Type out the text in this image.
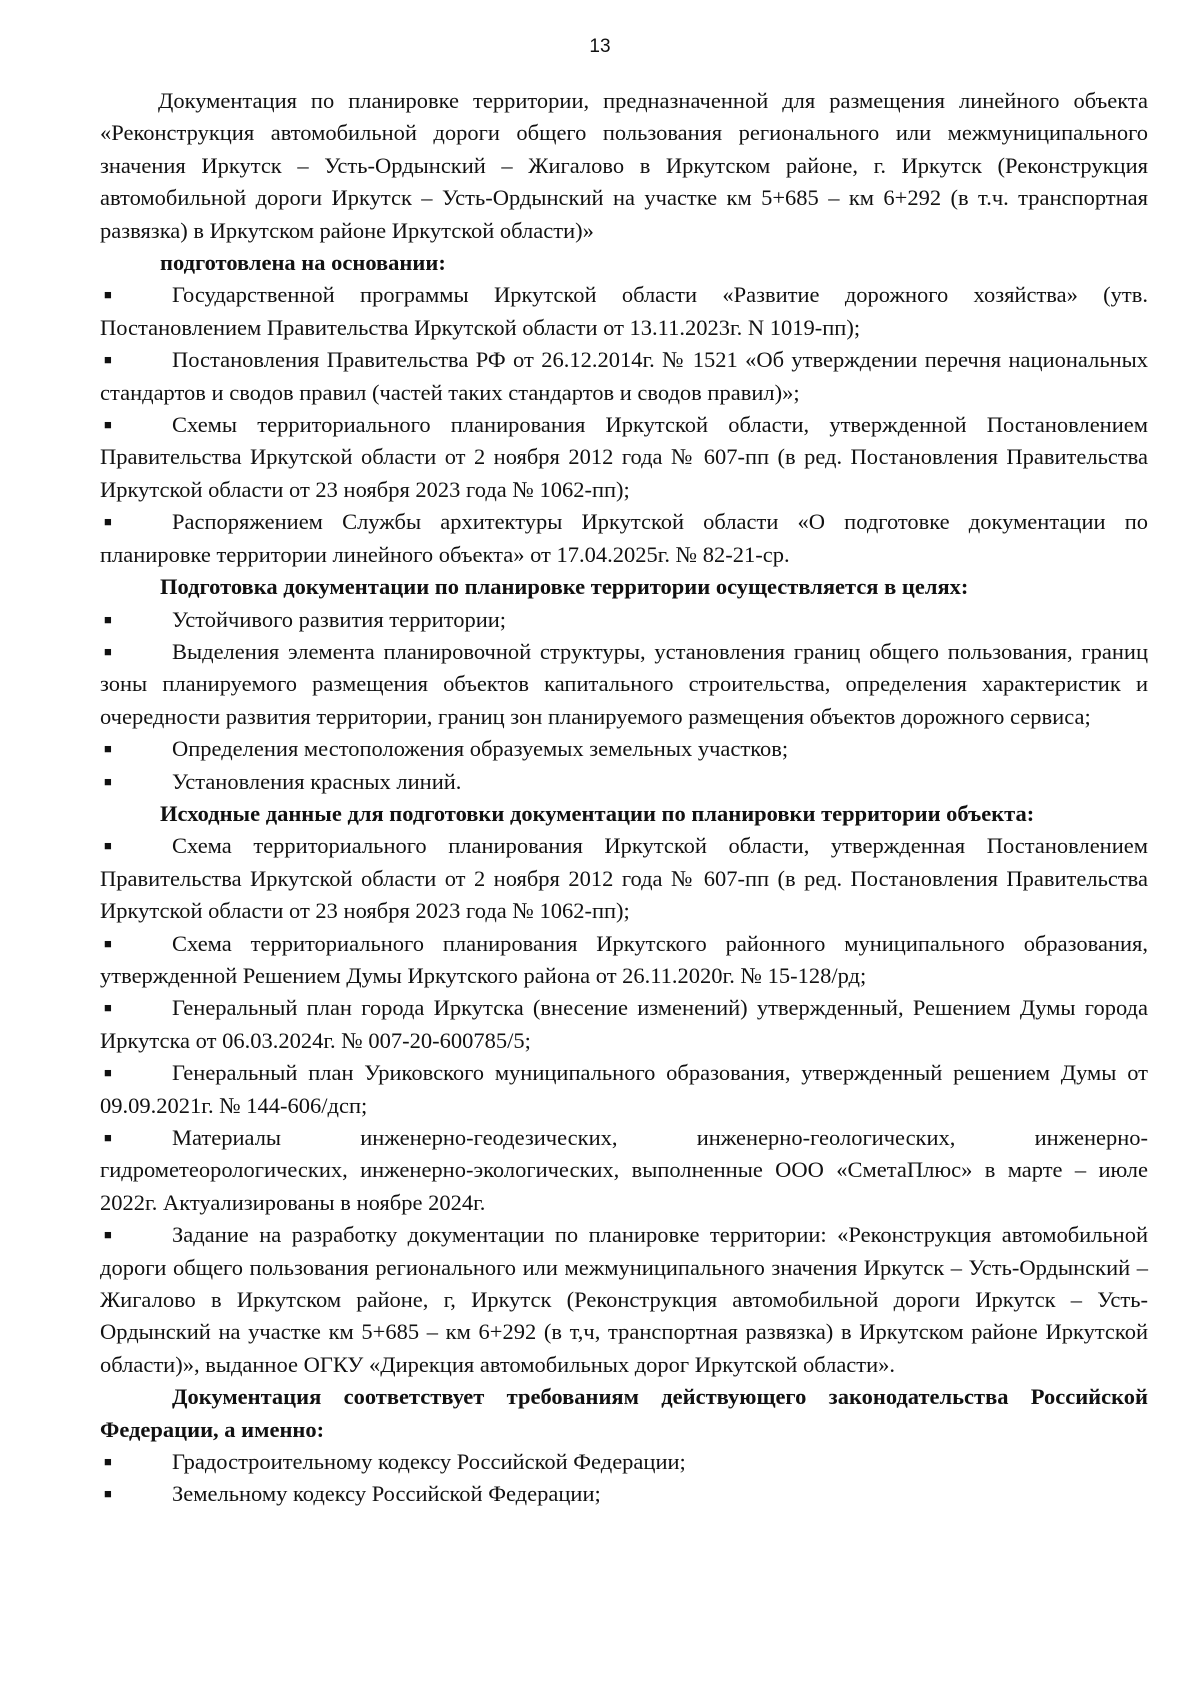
13

Документация по планировке территории, предназначенной для размещения линейного объекта «Реконструкция автомобильной дороги общего пользования регионального или межмуниципального значения Иркутск – Усть-Ордынский – Жигалово в Иркутском районе, г. Иркутск (Реконструкция автомобильной дороги Иркутск – Усть-Ордынский на участке км 5+685 – км 6+292 (в т.ч. транспортная развязка) в Иркутском районе Иркутской области)»

подготовлена на основании:

■	Государственной программы Иркутской области «Развитие дорожного хозяйства» (утв. Постановлением Правительства Иркутской области от 13.11.2023г. N 1019-пп);
■	Постановления Правительства РФ от 26.12.2014г. № 1521 «Об утверждении перечня национальных стандартов и сводов правил (частей таких стандартов и сводов правил)»;
■	Схемы территориального планирования Иркутской области, утвержденной Постановлением Правительства Иркутской области от 2 ноября 2012 года № 607-пп (в ред. Постановления Правительства Иркутской области от 23 ноября 2023 года № 1062-пп);
■	Распоряжением Службы архитектуры Иркутской области «О подготовке документации по планировке территории линейного объекта» от 17.04.2025г. № 82-21-ср.

Подготовка документации по планировке территории осуществляется в целях:

■	Устойчивого развития территории;
■	Выделения элемента планировочной структуры, установления границ общего пользования, границ зоны планируемого размещения объектов капитального строительства, определения характеристик и очередности развития территории, границ зон планируемого размещения объектов дорожного сервиса;
■	Определения местоположения образуемых земельных участков;
■	Установления красных линий.

Исходные данные для подготовки документации по планировки территории объекта:

■	Схема территориального планирования Иркутской области, утвержденная Постановлением Правительства Иркутской области от 2 ноября 2012 года № 607-пп (в ред. Постановления Правительства Иркутской области от 23 ноября 2023 года № 1062-пп);
■	Схема территориального планирования Иркутского районного муниципального образования, утвержденной Решением Думы Иркутского района от 26.11.2020г. № 15-128/рд;
■	Генеральный план города Иркутска (внесение изменений) утвержденный, Решением Думы города Иркутска от 06.03.2024г. № 007-20-600785/5;
■	Генеральный план Уриковского муниципального образования, утвержденный решением Думы от 09.09.2021г. № 144-606/дсп;
■	Материалы инженерно-геодезических, инженерно-геологических, инженерно-гидрометеорологических, инженерно-экологических, выполненные ООО «СметаПлюс» в марте – июле 2022г. Актуализированы в ноябре 2024г.
■	Задание на разработку документации по планировке территории: «Реконструкция автомобильной дороги общего пользования регионального или межмуниципального значения Иркутск – Усть-Ордынский – Жигалово в Иркутском районе, г, Иркутск (Реконструкция автомобильной дороги Иркутск – Усть-Ордынский на участке км 5+685 – км 6+292 (в т,ч, транспортная развязка) в Иркутском районе Иркутской области)», выданное ОГКУ «Дирекция автомобильных дорог Иркутской области».

Документация соответствует требованиям действующего законодательства Российской Федерации, а именно:

■	Градостроительному кодексу Российской Федерации;
■	Земельному кодексу Российской Федерации;
